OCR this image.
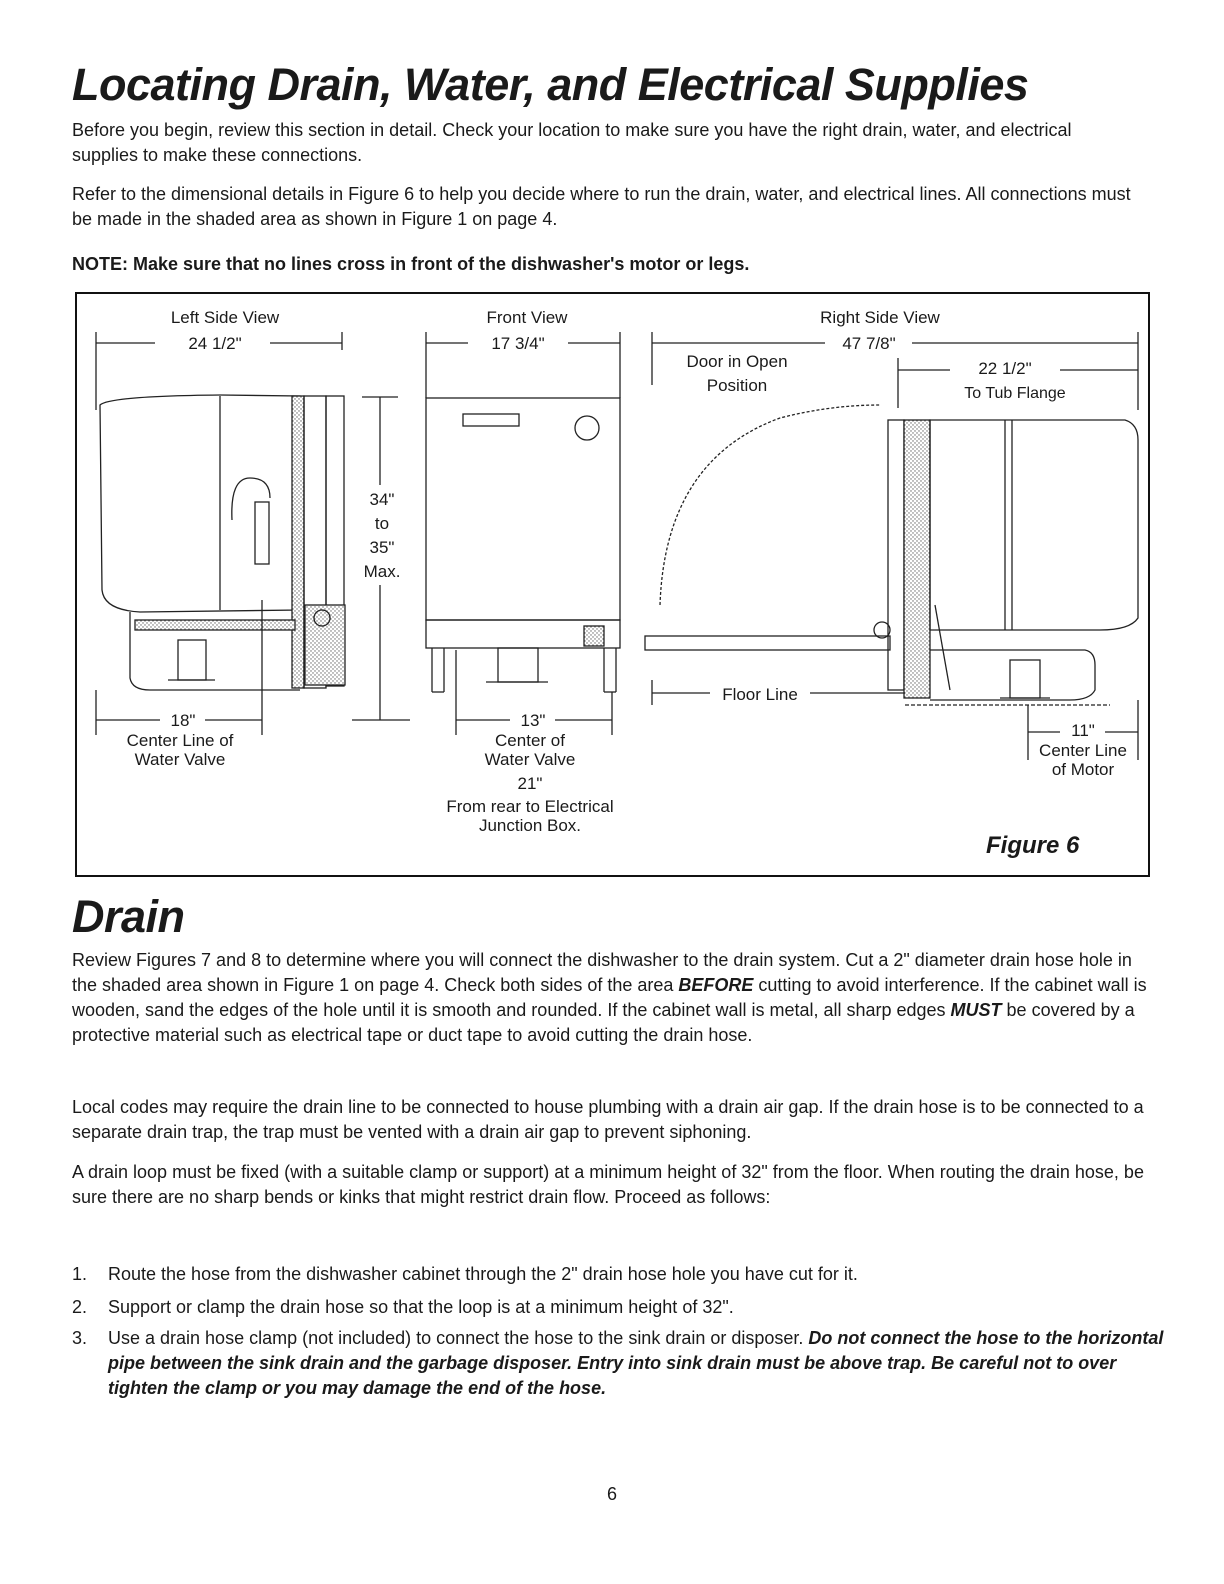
Locating Drain, Water, and Electrical Supplies

Before you begin, review this section in detail. Check your location to make sure you have the right drain, water, and electrical supplies to make these connections.

Refer to the dimensional details in Figure 6 to help you decide where to run the drain, water, and electrical lines. All connections must be made in the shaded area as shown in Figure 1 on page 4.

NOTE: Make sure that no lines cross in front of the dishwasher's motor or legs.
Left Side View
24 1/2"
34"
to
35"
Max.
18"
Center Line of
Water Valve
Front View
17 3/4"
13"
Center of
Water Valve
21"
From rear to Electrical
Junction Box.
Right Side View
47 7/8"
Door in Open
Position
22 1/2"
To Tub Flange
Floor Line
11"
Center Line
of Motor
Figure 6
Drain

Review Figures 7 and 8 to determine where you will connect the dishwasher to the drain system. Cut a 2" diameter drain hose hole in the shaded area shown in Figure 1 on page 4. Check both sides of the area BEFORE cutting to avoid interference. If the cabinet wall is wooden, sand the edges of the hole until it is smooth and rounded. If the cabinet wall is metal, all sharp edges MUST be covered by a protective material such as electrical tape or duct tape to avoid cutting the drain hose.

Local codes may require the drain line to be connected to house plumbing with a drain air gap. If the drain hose is to be connected to a separate drain trap, the trap must be vented with a drain air gap to prevent siphoning.

A drain loop must be fixed (with a suitable clamp or support) at a minimum height of 32" from the floor. When routing the drain hose, be sure there are no sharp bends or kinks that might restrict drain flow. Proceed as follows:

1. Route the hose from the dishwasher cabinet through the 2" drain hose hole you have cut for it.
2. Support or clamp the drain hose so that the loop is at a minimum height of 32".
3. Use a drain hose clamp (not included) to connect the hose to the sink drain or disposer. Do not connect the hose to the horizontal pipe between the sink drain and the garbage disposer. Entry into sink drain must be above trap. Be careful not to over tighten the clamp or you may damage the end of the hose.
6
